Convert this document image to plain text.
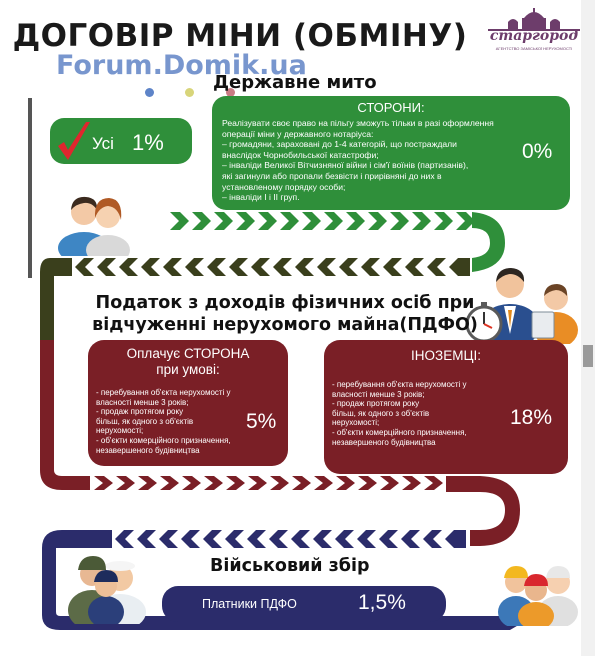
ДОГОВІР МІНИ (ОБМІНУ)
Forum.Domik.ua
старгород
АГЕНТСТВО ЗАМІСЬКОЇ НЕРУХОМОСТІ
Державне мито
Усі 1%
СТОРОНИ:
Реалізувати своє право на пільгу зможуть тільки в разі оформлення
операції міни у державного нотаріуса:
– громадяни, зараховані до 1-4 категорій, що постраждали
внаслідок Чорнобильської катастрофи;
– інваліди Великої Вітчизняної війни і сім'ї воїнів (партизанів),
які загинули або пропали безвісти і прирівняні до них в
установленому порядку особи;
– інваліди І і ІІ груп.
0%
Податок з доходів фізичних осіб при
відчуженні нерухомого майна(ПДФО)
Оплачує СТОРОНА
при умові:
- перебування об'єкта нерухомості у
власності менше 3 років;
- продаж протягом року
більш, як одного з об'єктів
нерухомості;
- об'єкти комерційного призначення,
незавершеного будівництва
5%
ІНОЗЕМЦІ:
- перебування об'єкта нерухомості у
власності менше 3 років;
- продаж протягом року
більш, як одного з об'єктів
нерухомості;
- об'єкти комерційного призначення,
незавершеного будівництва
18%
Військовий збір
Платники ПДФО	1,5%
